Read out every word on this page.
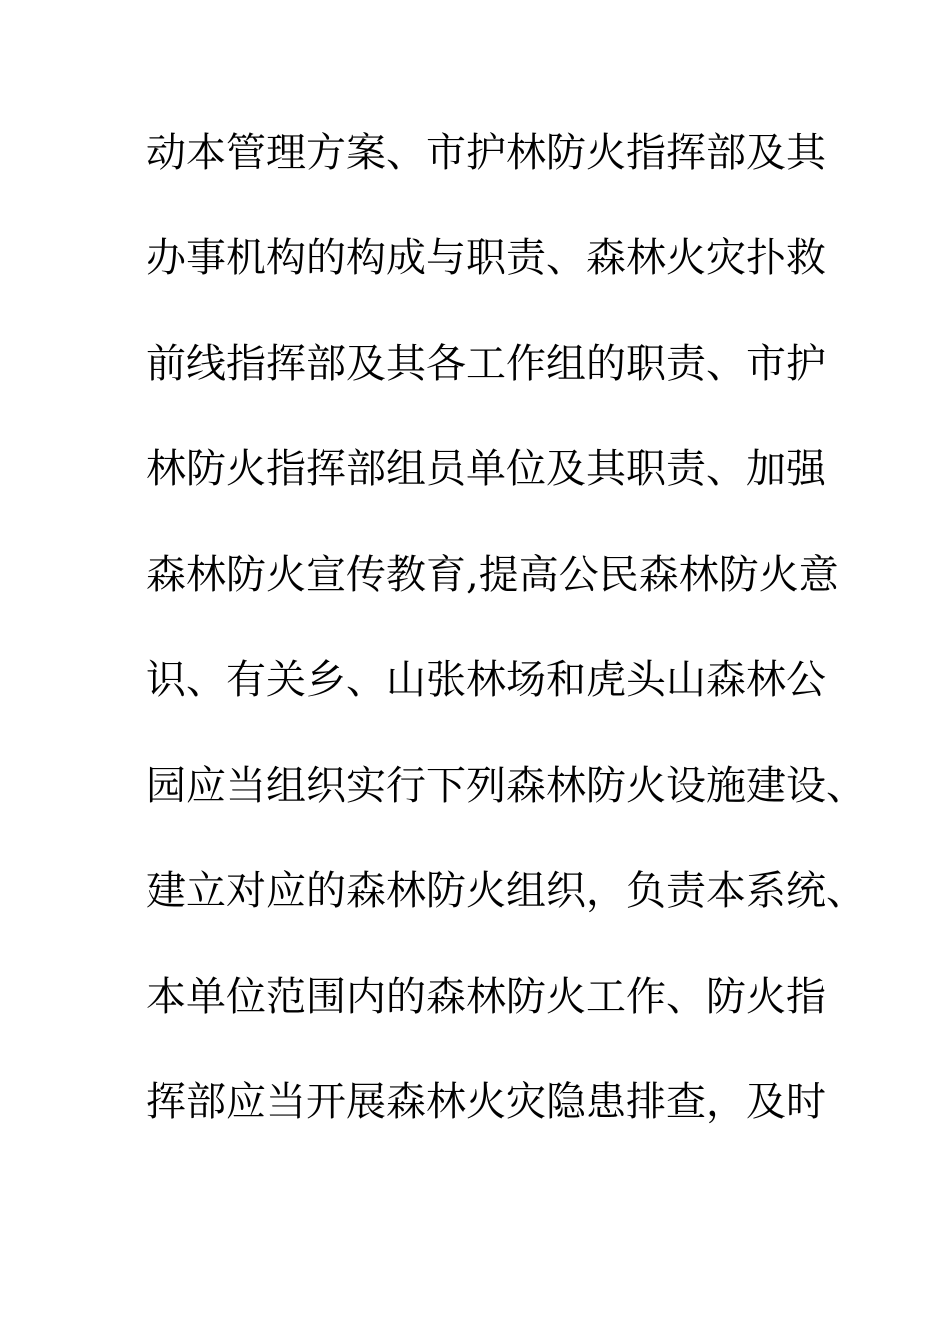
动本管理方案、市护林防火指挥部及其
办事机构的构成与职责、森林火灾扑救
前线指挥部及其各工作组的职责、市护
林防火指挥部组员单位及其职责、加强
森林防火宣传教育,提高公民森林防火意
识、有关乡、山张林场和虎头山森林公
园应当组织实行下列森林防火设施建设、
建立对应的森林防火组织，负责本系统、
本单位范围内的森林防火工作、防火指
挥部应当开展森林火灾隐患排查，及时
